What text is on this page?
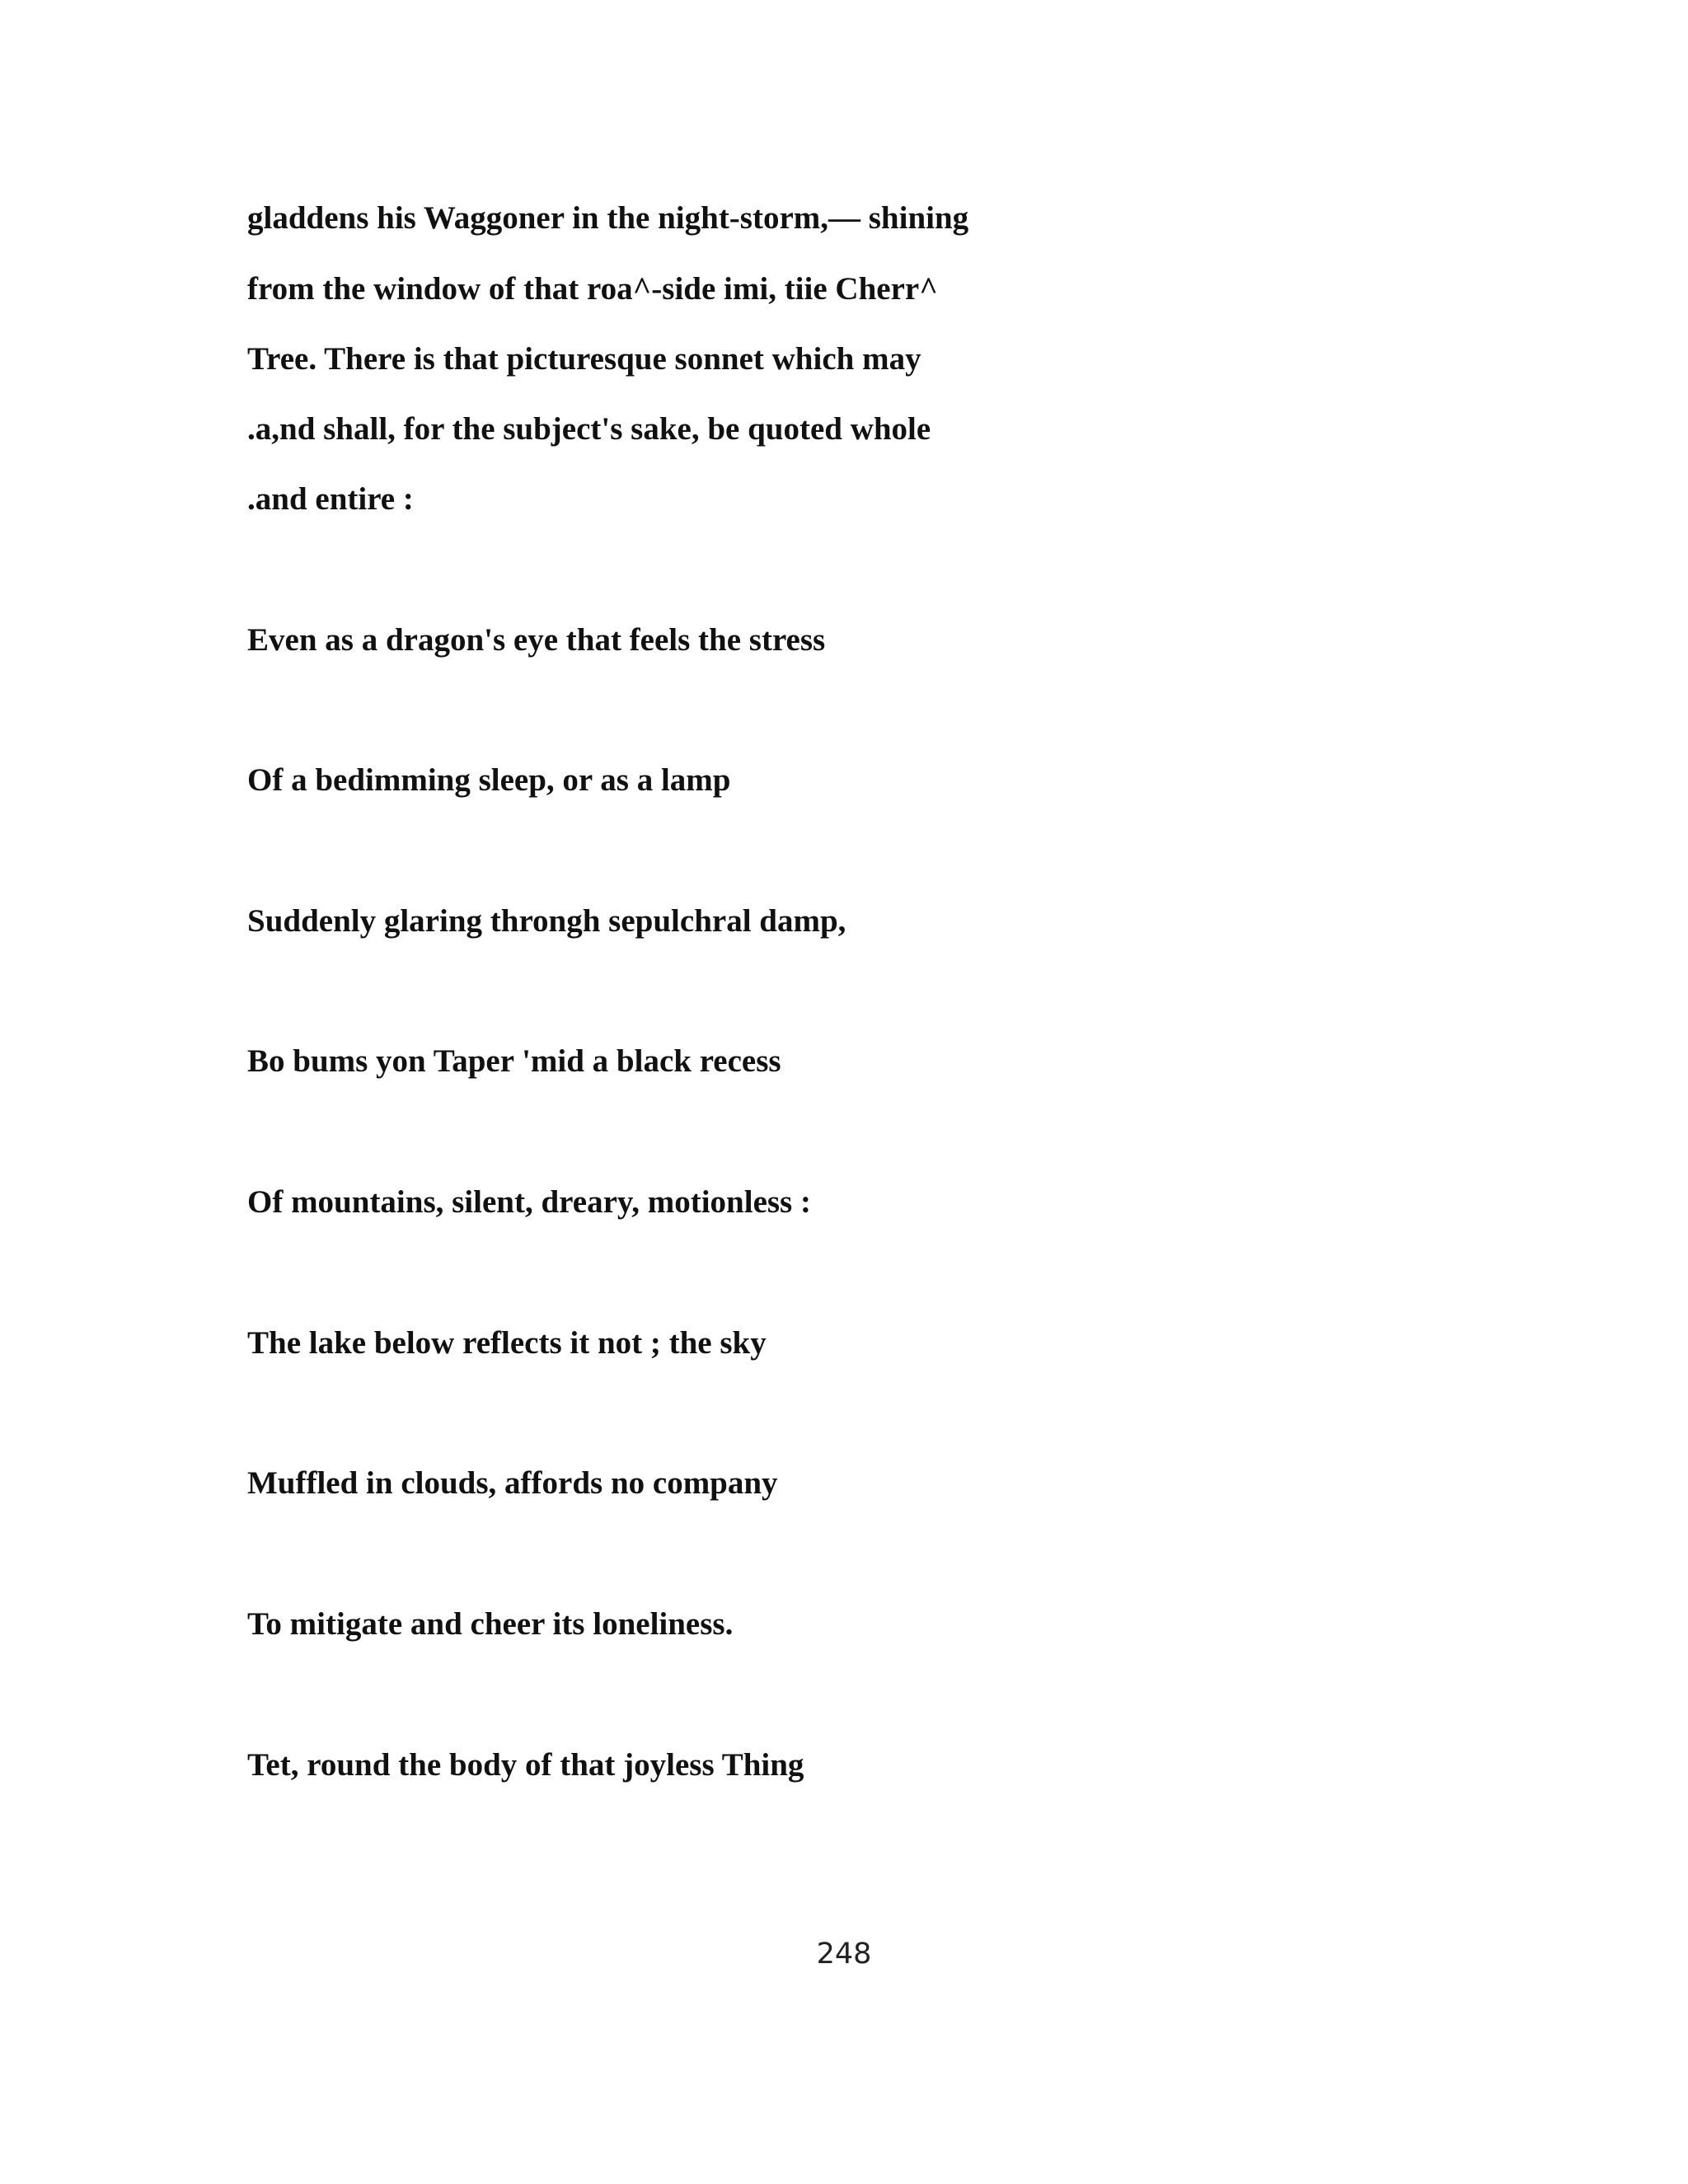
gladdens his Waggoner in the night-storm,— shining

from the window of that roa^-side imi, tiie Cherr^

Tree. There is that picturesque sonnet which may

.a,nd shall, for the subject's sake, be quoted whole

.and entire :

Even as a dragon's eye that feels the stress

Of a bedimming sleep, or as a lamp

Suddenly glaring throngh sepulchral damp,

Bo bums yon Taper 'mid a black recess

Of mountains, silent, dreary, motionless :

The lake below reflects it not ; the sky

Muffled in clouds, affords no company

To mitigate and cheer its loneliness.

Tet, round the body of that joyless Thing

248
